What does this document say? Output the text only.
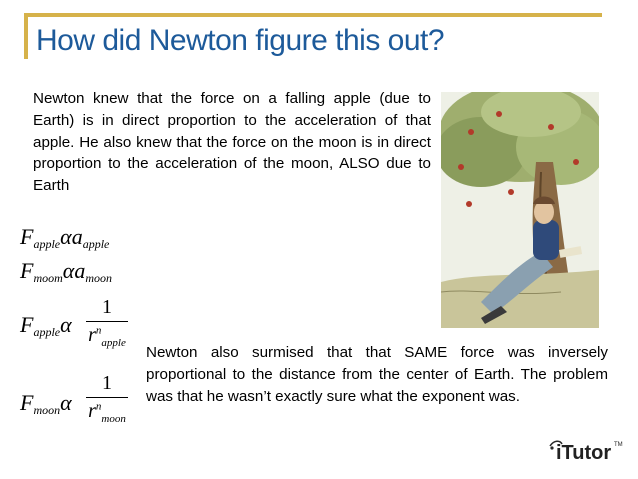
How did Newton figure this out?
Newton knew that the force on a falling apple (due to Earth) is in direct proportion to the acceleration of that apple. He also knew that the force on the moon is in direct proportion to the acceleration of the moon, ALSO due to Earth
$F_{apple}\alpha a_{apple}$
$F_{moom}\alpha a_{moon}$
$F_{apple}\alpha$
1
$r^n_{apple}$
$F_{moon}\alpha$
1
$r^n_{moon}$
Newton also surmised that that SAME force was inversely proportional to the distance from the center of Earth. The problem was that he wasn’t exactly sure what the exponent was.
iTutor TM
